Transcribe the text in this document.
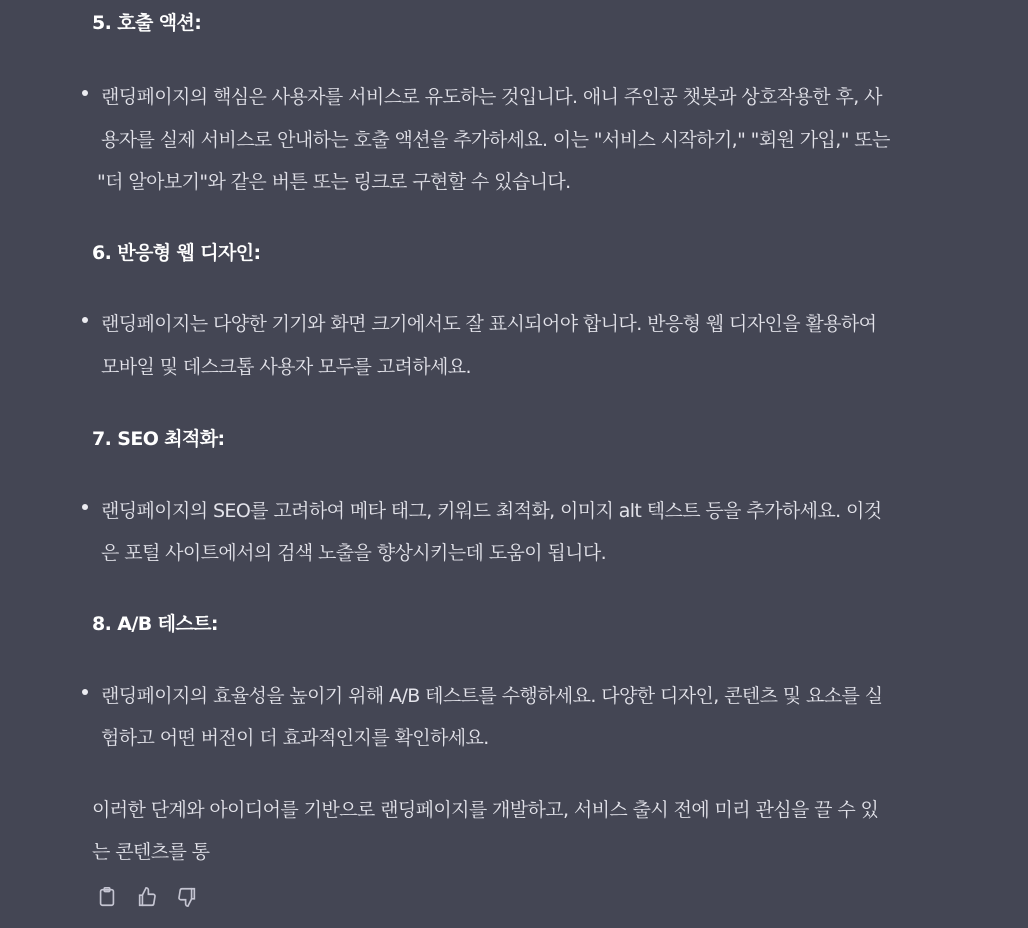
5. 호출 액션:
랜딩페이지의 핵심은 사용자를 서비스로 유도하는 것입니다. 애니 주인공 챗봇과 상호작용한 후, 사
용자를 실제 서비스로 안내하는 호출 액션을 추가하세요. 이는 "서비스 시작하기," "회원 가입," 또는
"더 알아보기"와 같은 버튼 또는 링크로 구현할 수 있습니다.
6. 반응형 웹 디자인:
랜딩페이지는 다양한 기기와 화면 크기에서도 잘 표시되어야 합니다. 반응형 웹 디자인을 활용하여
모바일 및 데스크톱 사용자 모두를 고려하세요.
7. SEO 최적화:
랜딩페이지의 SEO를 고려하여 메타 태그, 키워드 최적화, 이미지 alt 텍스트 등을 추가하세요. 이것
은 포털 사이트에서의 검색 노출을 향상시키는데 도움이 됩니다.
8. A/B 테스트:
랜딩페이지의 효율성을 높이기 위해 A/B 테스트를 수행하세요. 다양한 디자인, 콘텐츠 및 요소를 실
험하고 어떤 버전이 더 효과적인지를 확인하세요.
이러한 단계와 아이디어를 기반으로 랜딩페이지를 개발하고, 서비스 출시 전에 미리 관심을 끌 수 있
는 콘텐츠를 통
